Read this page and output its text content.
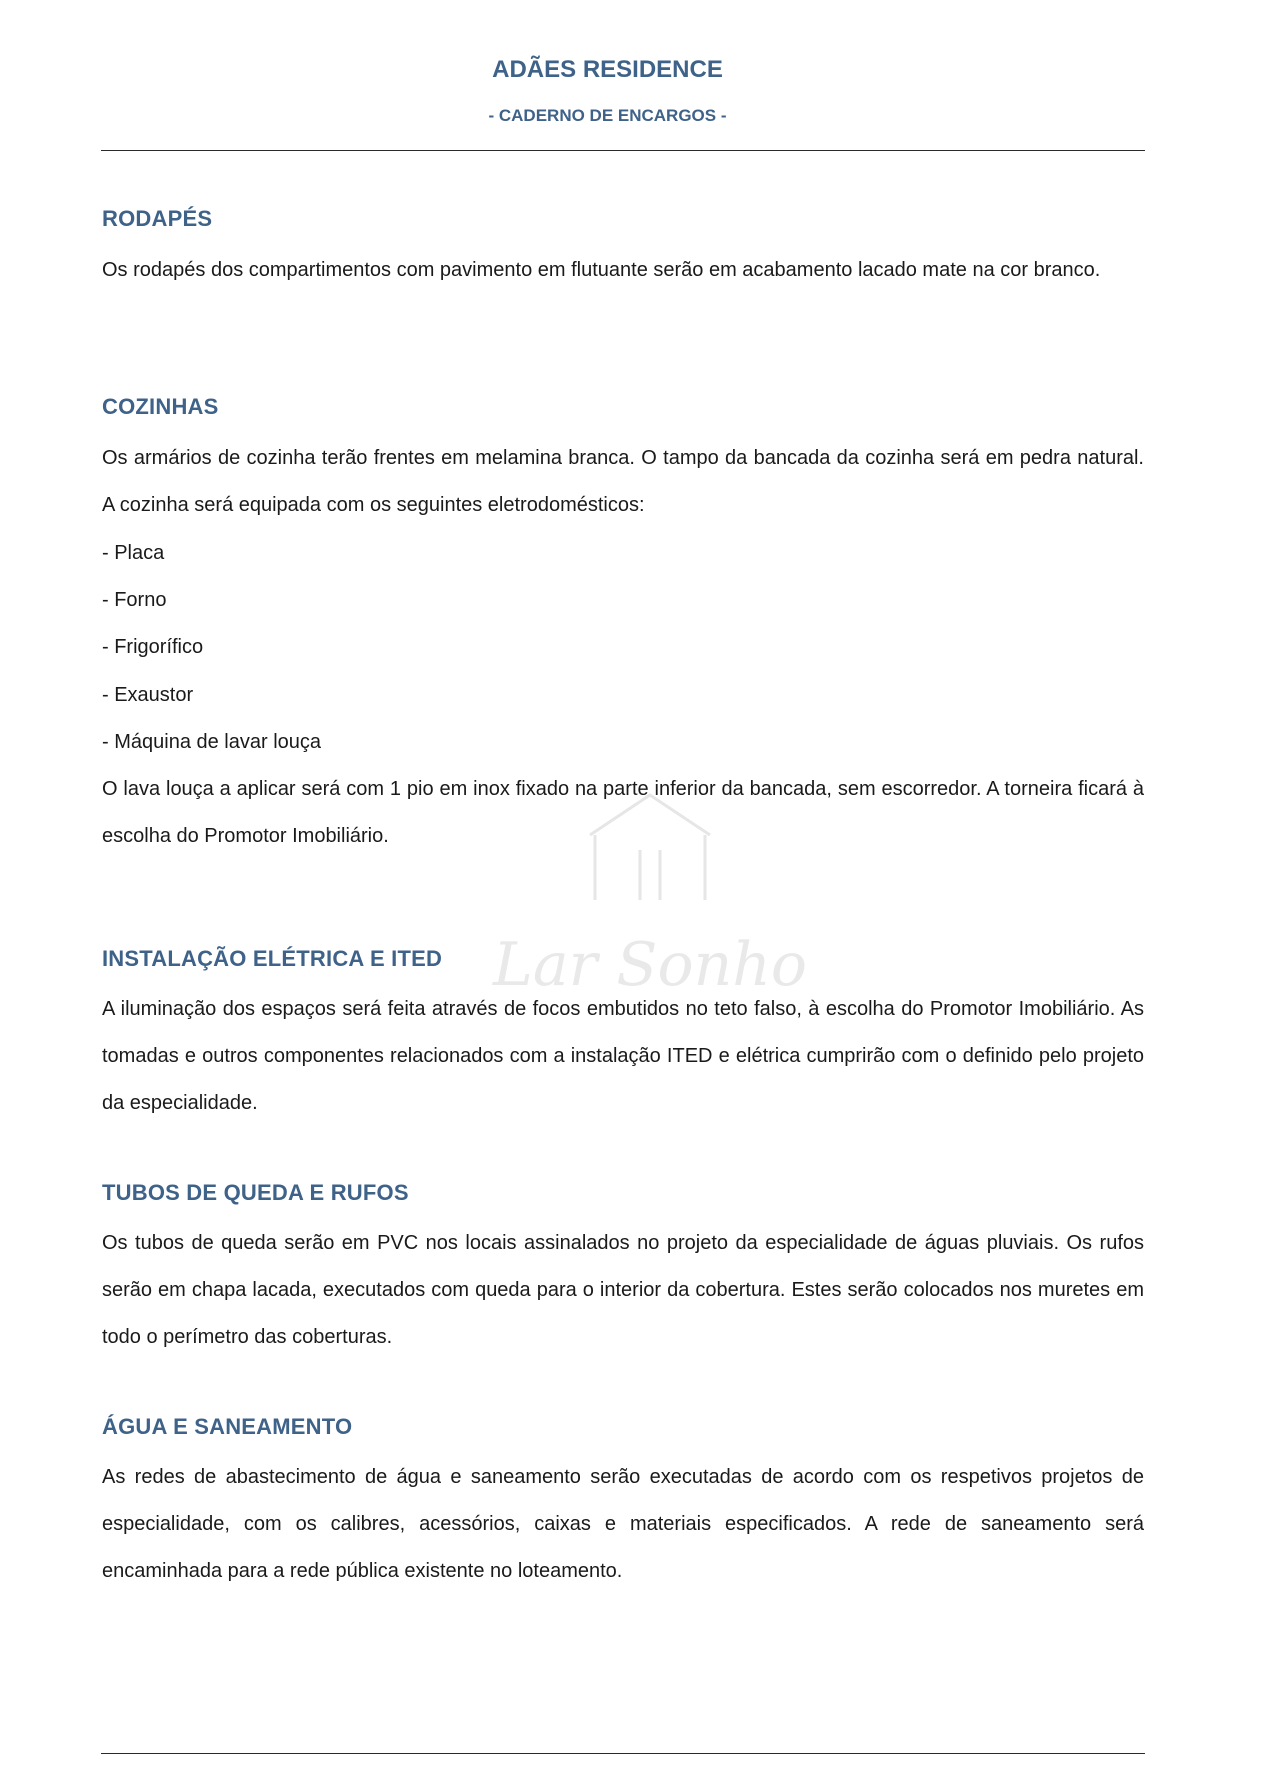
ADÃES RESIDENCE
- CADERNO DE ENCARGOS -
Lar Sonho
RODAPÉS

Os rodapés dos compartimentos com pavimento em flutuante serão em acabamento lacado mate na cor branco.

COZINHAS

Os armários de cozinha terão frentes em melamina branca. O tampo da bancada da cozinha será em pedra natural. A cozinha será equipada com os seguintes eletrodomésticos:

- Placa
- Forno
- Frigorífico
- Exaustor
- Máquina de lavar louça

O lava louça a aplicar será com 1 pio em inox fixado na parte inferior da bancada, sem escorredor. A torneira ficará à escolha do Promotor Imobiliário.

INSTALAÇÃO ELÉTRICA E ITED

A iluminação dos espaços será feita através de focos embutidos no teto falso, à escolha do Promotor Imobiliário. As tomadas e outros componentes relacionados com a instalação ITED e elétrica cumprirão com o definido pelo projeto da especialidade.

TUBOS DE QUEDA E RUFOS

Os tubos de queda serão em PVC nos locais assinalados no projeto da especialidade de águas pluviais. Os rufos serão em chapa lacada, executados com queda para o interior da cobertura. Estes serão colocados nos muretes em todo o perímetro das coberturas.

ÁGUA E SANEAMENTO

As redes de abastecimento de água e saneamento serão executadas de acordo com os respetivos projetos de especialidade, com os calibres, acessórios, caixas e materiais especificados. A rede de saneamento será encaminhada para a rede pública existente no loteamento.
